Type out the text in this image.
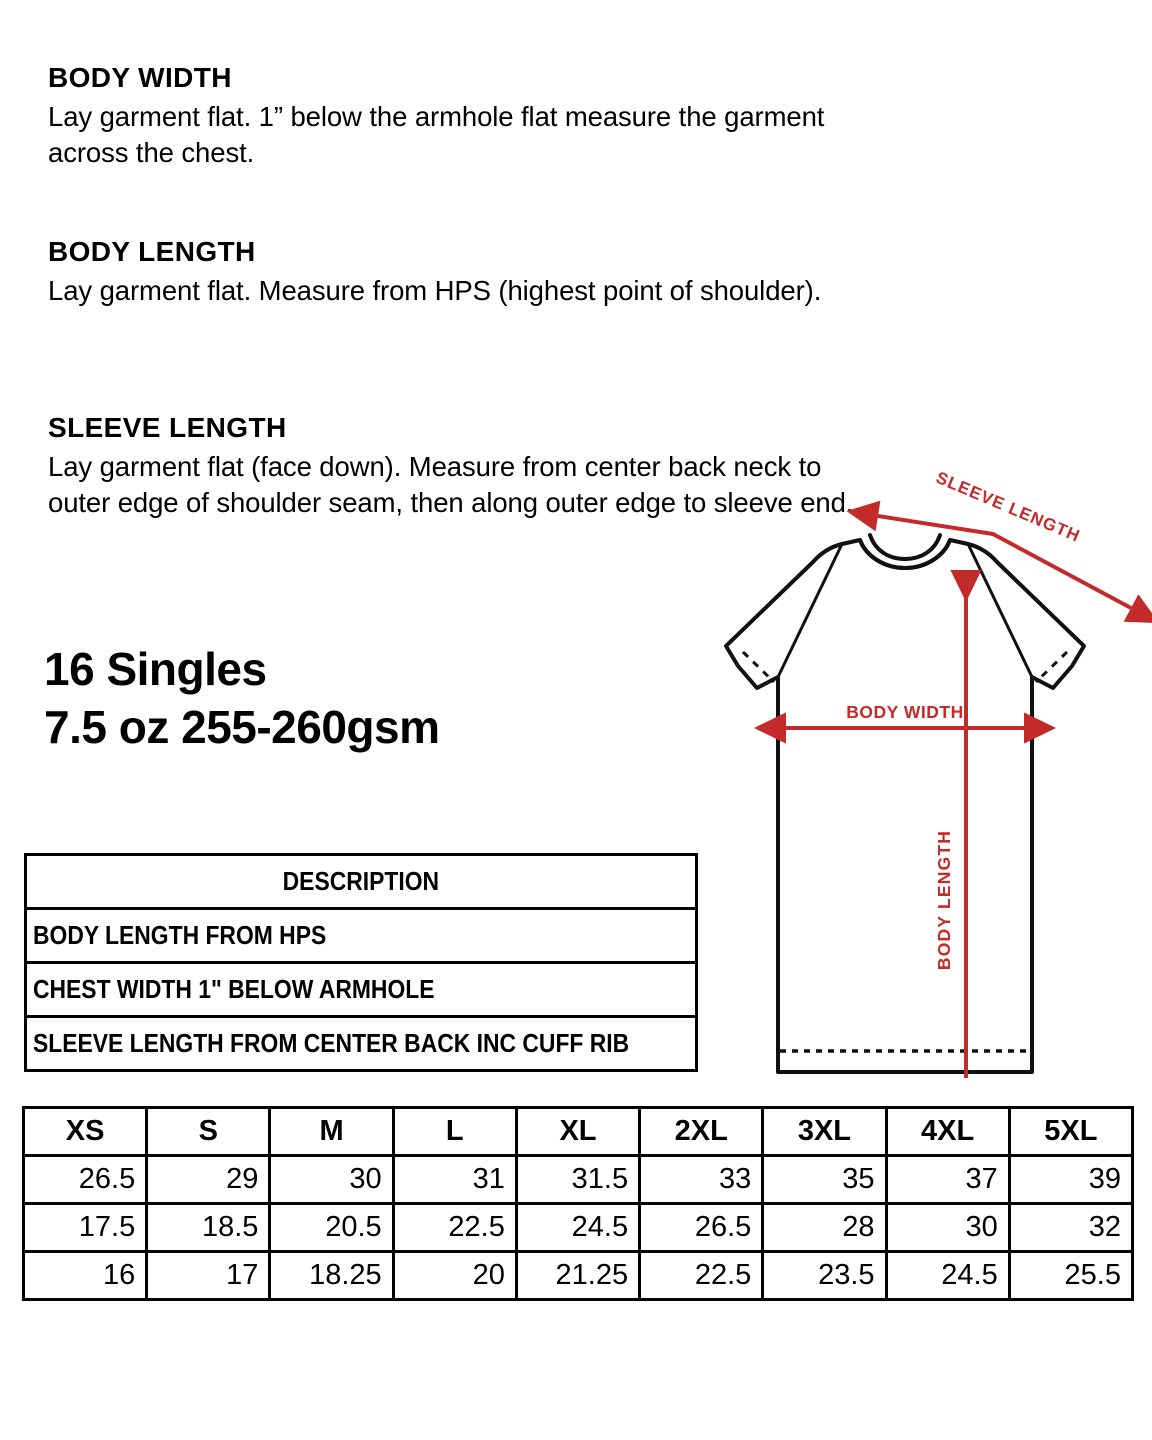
BODY WIDTH

Lay garment flat. 1” below the armhole flat measure the garment across the chest.

BODY LENGTH

Lay garment flat. Measure from HPS (highest point of shoulder).

SLEEVE LENGTH

Lay garment flat (face down). Measure from center back neck to outer edge of shoulder seam, then along outer edge to sleeve end.

16 Singles
7.5 oz 255-260gsm	BODY WIDTH
BODY LENGTH
SLEEVE LENGTH
DESCRIPTION
BODY LENGTH FROM HPS
CHEST WIDTH 1" BELOW ARMHOLE
SLEEVE LENGTH FROM CENTER BACK INC CUFF RIB
XS	S	M	L	XL	2XL	3XL	4XL	5XL
26.5	29	30	31	31.5	33	35	37	39
17.5	18.5	20.5	22.5	24.5	26.5	28	30	32
16	17	18.25	20	21.25	22.5	23.5	24.5	25.5
